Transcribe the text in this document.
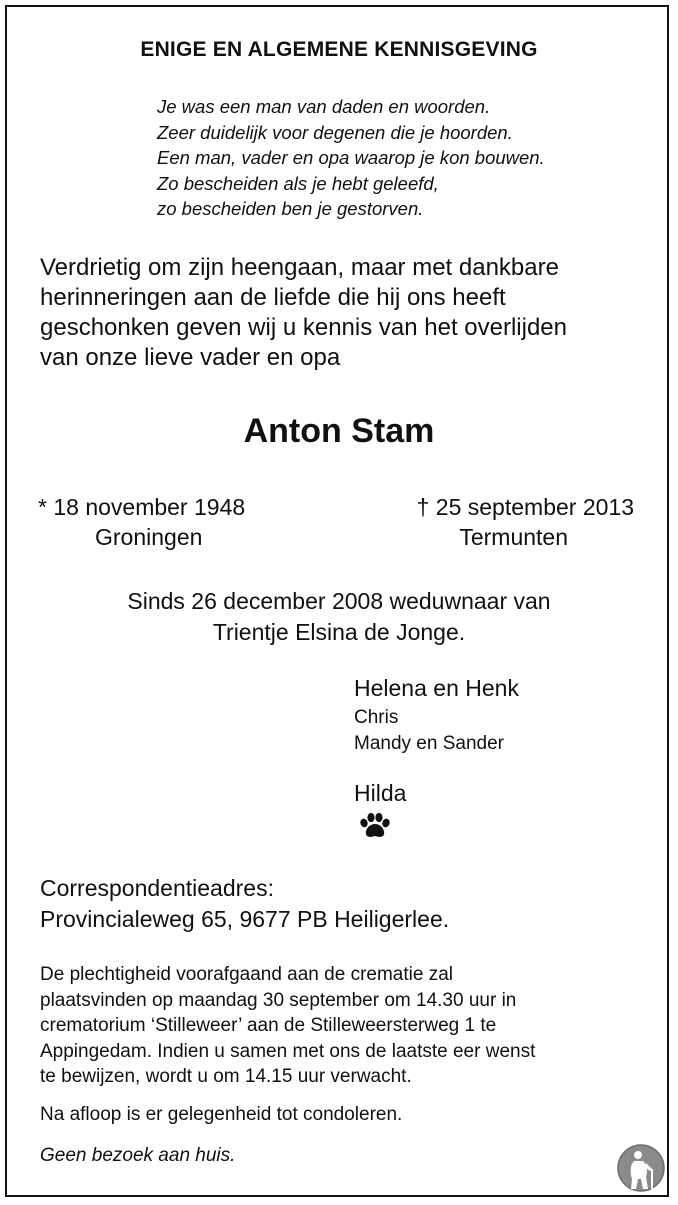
ENIGE EN ALGEMENE KENNISGEVING
Je was een man van daden en woorden.
Zeer duidelijk voor degenen die je hoorden.
Een man, vader en opa waarop je kon bouwen.
Zo bescheiden als je hebt geleefd,
zo bescheiden ben je gestorven.
Verdrietig om zijn heengaan, maar met dankbare
herinneringen aan de liefde die hij ons heeft
geschonken geven wij u kennis van het overlijden
van onze lieve vader en opa
Anton Stam
* 18 november 1948
Groningen
† 25 september 2013
Termunten
Sinds 26 december 2008 weduwnaar van
Trientje Elsina de Jonge.
Helena en Henk
Chris
Mandy en Sander
Hilda
Correspondentieadres:
Provincialeweg 65, 9677 PB Heiligerlee.
De plechtigheid voorafgaand aan de crematie zal
plaatsvinden op maandag 30 september om 14.30 uur in
crematorium ‘Stilleweer’ aan de Stilleweersterweg 1 te
Appingedam. Indien u samen met ons de laatste eer wenst
te bewijzen, wordt u om 14.15 uur verwacht.
Na afloop is er gelegenheid tot condoleren.
Geen bezoek aan huis.
